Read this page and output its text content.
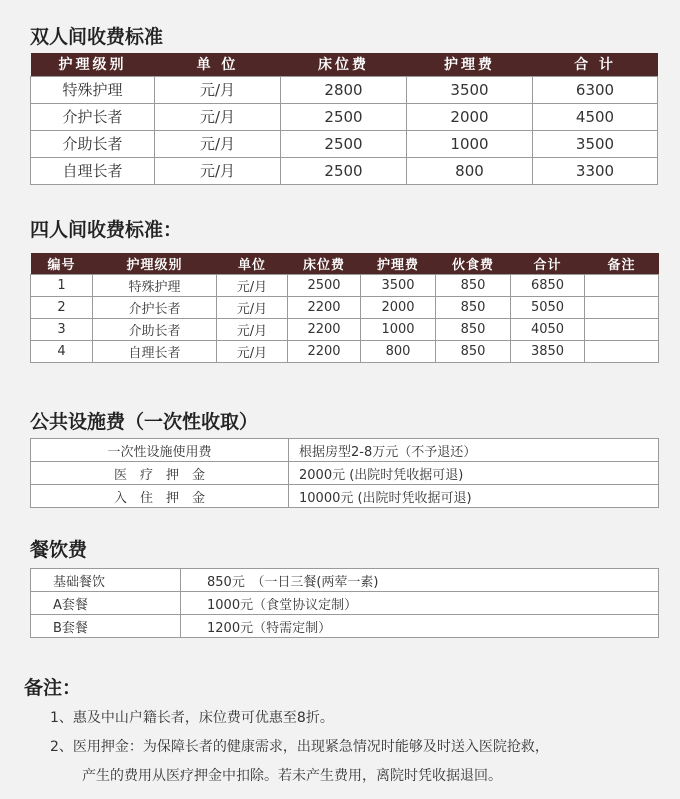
双人间收费标准
护理级别	单 位	床位费	护理费	合 计
特殊护理	元/月	2800	3500	6300
介护长者	元/月	2500	2000	4500
介助长者	元/月	2500	1000	3500
自理长者	元/月	2500	800	3300
四人间收费标准：
编号	护理级别	单位	床位费	护理费	伙食费	合计	备注
1	特殊护理	元/月	2500	3500	850	6850	
2	介护长者	元/月	2200	2000	850	5050	
3	介助长者	元/月	2200	1000	850	4050	
4	自理长者	元/月	2200	800	850	3850	
公共设施费（一次性收取）
一次性设施使用费	根据房型2-8万元（不予退还）
医　疗　押　金	2000元 (出院时凭收据可退)
入　住　押　金	10000元 (出院时凭收据可退)
餐饮费
基础餐饮	850元　（一日三餐(两荤一素)
A套餐	1000元（食堂协议定制）
B套餐	1200元（特需定制）
备注：
1、惠及中山户籍长者，床位费可优惠至8折。
2、医用押金：为保障长者的健康需求，出现紧急情况时能够及时送入医院抢救，
产生的费用从医疗押金中扣除。若未产生费用，离院时凭收据退回。
